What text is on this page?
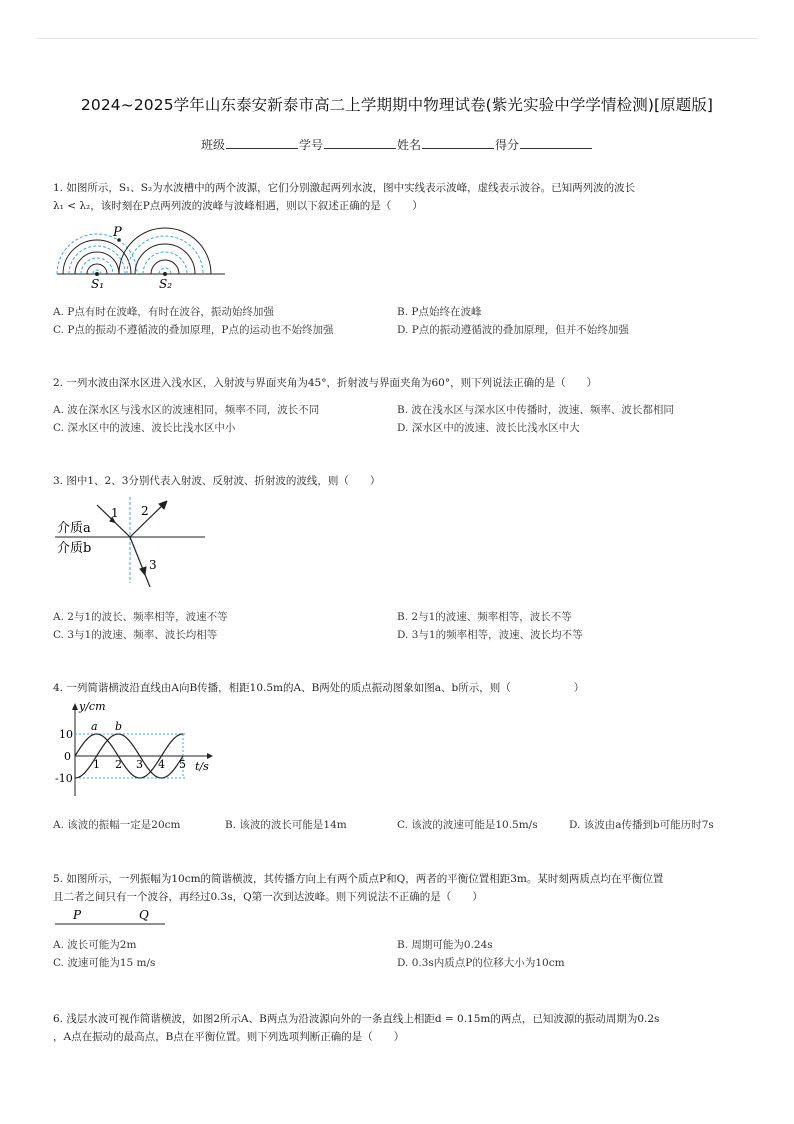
2024~2025学年山东泰安新泰市高二上学期期中物理试卷(紫光实验中学学情检测)[原题版]
班级	学号	姓名	得分
1. 如图所示，S₁、S₂为水波槽中的两个波源，它们分别激起两列水波，图中实线表示波峰，虚线表示波谷。已知两列波的波长
λ₁ < λ₂，该时刻在P点两列波的波峰与波峰相遇，则以下叙述正确的是（　　）
P
S₁	S₂
A. P点有时在波峰，有时在波谷，振动始终加强	B. P点始终在波峰
C. P点的振动不遵循波的叠加原理，P点的运动也不始终加强	D. P点的振动遵循波的叠加原理，但并不始终加强
2. 一列水波由深水区进入浅水区，入射波与界面夹角为45°，折射波与界面夹角为60°，则下列说法正确的是（　　）
A. 波在深水区与浅水区的波速相同，频率不同，波长不同	B. 波在浅水区与深水区中传播时，波速、频率、波长都相同
C. 深水区中的波速、波长比浅水区中小	D. 深水区中的波速、波长比浅水区中大
3. 图中1、2、3分别代表入射波、反射波、折射波的波线，则（　　）
1 2
3
介质a
介质b
A. 2与1的波长、频率相等，波速不等	B. 2与1的波速、频率相等，波长不等
C. 3与1的波速、频率、波长均相等	D. 3与1的频率相等，波速、波长均不等
4. 一列简谐横波沿直线由A向B传播，相距10.5m的A、B两处的质点振动图象如图a、b所示，则（　　　　　　）
y/cm
t/s
10
0
-10
1 2 3 4 5
a b
A. 该波的振幅一定是20cm	B. 该波的波长可能是14m	C. 该波的波速可能是10.5m/s	D. 该波由a传播到b可能历时7s
5. 如图所示，一列振幅为10cm的简谐横波，其传播方向上有两个质点P和Q，两者的平衡位置相距3m。某时刻两质点均在平衡位置
且二者之间只有一个波谷，再经过0.3s，Q第一次到达波峰。则下列说法不正确的是（　　）
P	Q
A. 波长可能为2m	B. 周期可能为0.24s
C. 波速可能为15 m/s	D. 0.3s内质点P的位移大小为10cm
6. 浅层水波可视作简谐横波，如图2所示A、B两点为沿波源向外的一条直线上相距d = 0.15m的两点，已知波源的振动周期为0.2s
，A点在振动的最高点，B点在平衡位置。则下列选项判断正确的是（　　）
